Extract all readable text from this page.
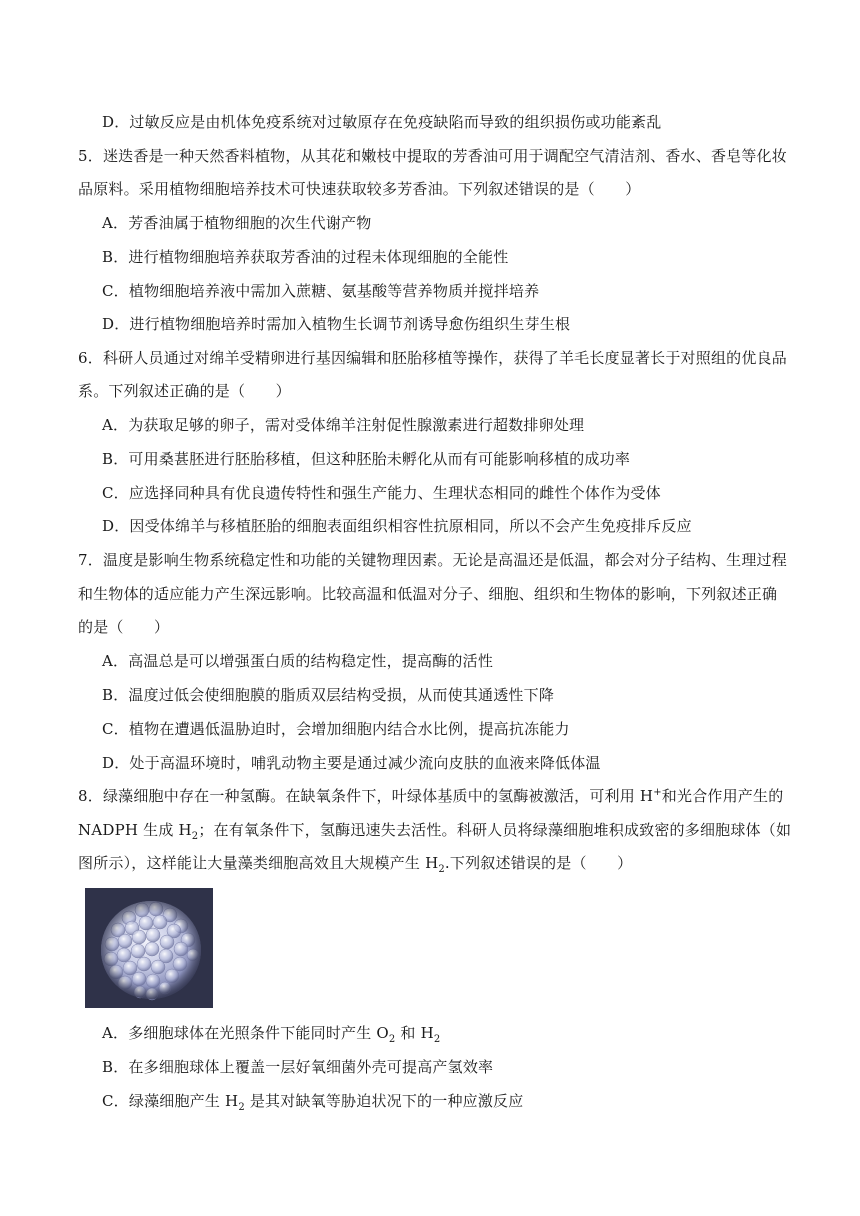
D．过敏反应是由机体免疫系统对过敏原存在免疫缺陷而导致的组织损伤或功能紊乱
5．迷迭香是一种天然香料植物，从其花和嫩枝中提取的芳香油可用于调配空气清洁剂、香水、香皂等化妆
品原料。采用植物细胞培养技术可快速获取较多芳香油。下列叙述错误的是（　　）
A．芳香油属于植物细胞的次生代谢产物
B．进行植物细胞培养获取芳香油的过程未体现细胞的全能性
C．植物细胞培养液中需加入蔗糖、氨基酸等营养物质并搅拌培养
D．进行植物细胞培养时需加入植物生长调节剂诱导愈伤组织生芽生根
6．科研人员通过对绵羊受精卵进行基因编辑和胚胎移植等操作，获得了羊毛长度显著长于对照组的优良品
系。下列叙述正确的是（　　）
A．为获取足够的卵子，需对受体绵羊注射促性腺激素进行超数排卵处理
B．可用桑葚胚进行胚胎移植，但这种胚胎未孵化从而有可能影响移植的成功率
C．应选择同种具有优良遗传特性和强生产能力、生理状态相同的雌性个体作为受体
D．因受体绵羊与移植胚胎的细胞表面组织相容性抗原相同，所以不会产生免疫排斥反应
7．温度是影响生物系统稳定性和功能的关键物理因素。无论是高温还是低温，都会对分子结构、生理过程
和生物体的适应能力产生深远影响。比较高温和低温对分子、细胞、组织和生物体的影响，下列叙述正确
的是（　　）
A．高温总是可以增强蛋白质的结构稳定性，提高酶的活性
B．温度过低会使细胞膜的脂质双层结构受损，从而使其通透性下降
C．植物在遭遇低温胁迫时，会增加细胞内结合水比例，提高抗冻能力
D．处于高温环境时，哺乳动物主要是通过减少流向皮肤的血液来降低体温
8．绿藻细胞中存在一种氢酶。在缺氧条件下，叶绿体基质中的氢酶被激活，可利用 H+和光合作用产生的
NADPH 生成 $H_2$；在有氧条件下，氢酶迅速失去活性。科研人员将绿藻细胞堆积成致密的多细胞球体（如
图所示），这样能让大量藻类细胞高效且大规模产生 $H_2$.下列叙述错误的是（　　）
A．多细胞球体在光照条件下能同时产生 $O_2$ 和 $H_2$
B．在多细胞球体上覆盖一层好氧细菌外壳可提高产氢效率
C．绿藻细胞产生 $H_2$ 是其对缺氧等胁迫状况下的一种应激反应
